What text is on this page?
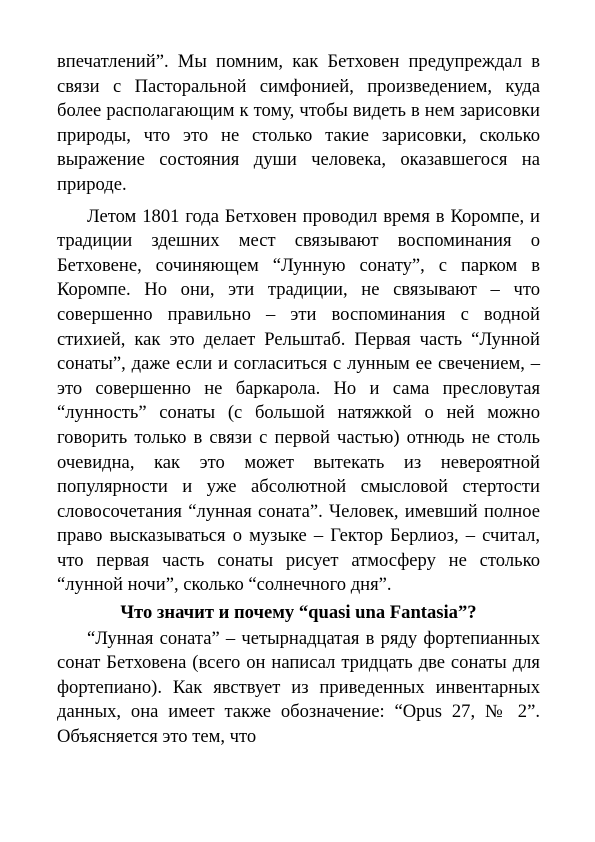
впечатлений”. Мы помним, как Бетховен предупреждал в связи с Пасторальной симфонией, произведением, куда более располагающим к тому, чтобы видеть в нем зарисовки природы, что это не столько такие зарисовки, сколько выражение состояния души человека, оказавшегося на природе.

Летом 1801 года Бетховен проводил время в Коромпе, и традиции здешних мест связывают воспоминания о Бетховене, сочиняющем “Лунную сонату”, с парком в Коромпе. Но они, эти традиции, не связывают – что совершенно правильно – эти воспоминания с водной стихией, как это делает Рельштаб. Первая часть “Лунной сонаты”, даже если и согласиться с лунным ее свечением, – это совершенно не баркарола. Но и сама пресловутая “лунность” сонаты (с большой натяжкой о ней можно говорить только в связи с первой частью) отнюдь не столь очевидна, как это может вытекать из невероятной популярности и уже абсолютной смысловой стертости словосочетания “лунная соната”. Человек, имевший полное право высказываться о музыке – Гектор Берлиоз, – считал, что первая часть сонаты рисует атмосферу не столько “лунной ночи”, сколько “солнечного дня”.

Что значит и почему “quasi una Fantasia”?

“Лунная соната” – четырнадцатая в ряду фортепианных сонат Бетховена (всего он написал тридцать две сонаты для фортепиано). Как явствует из приведенных инвентарных данных, она имеет также обозначение: “Opus 27, № 2”. Объясняется это тем, что
